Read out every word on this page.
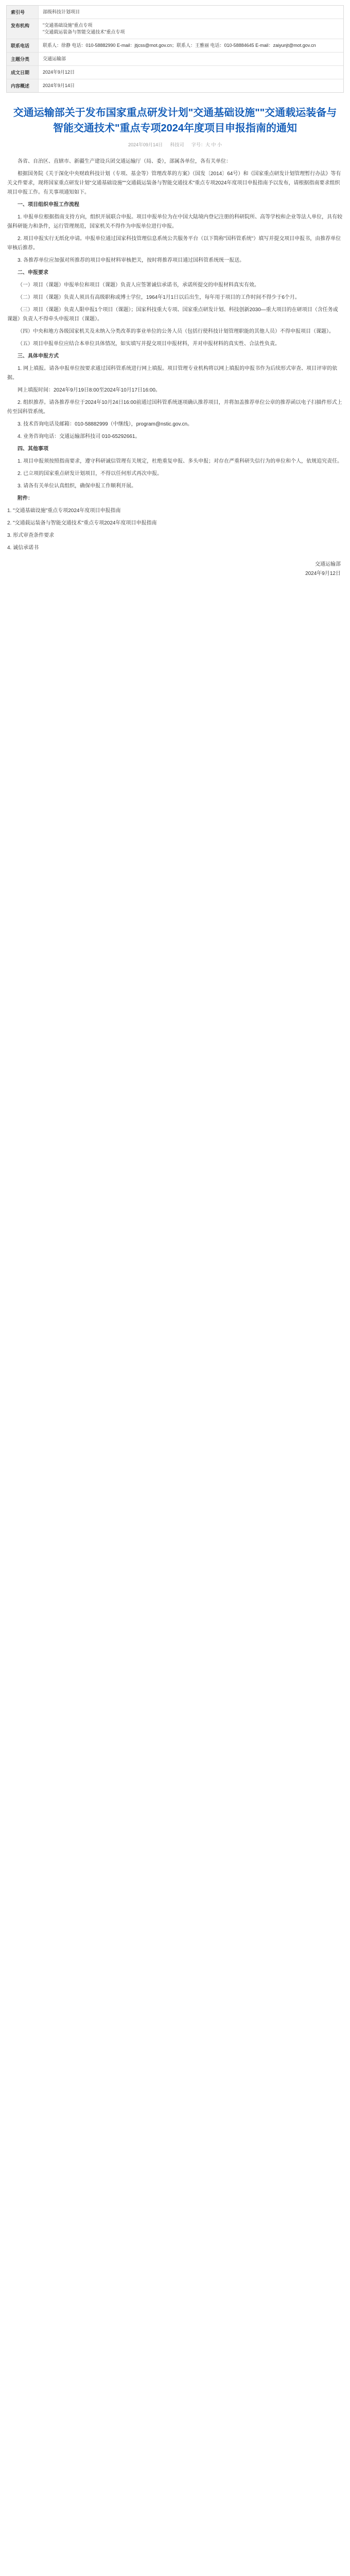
索引号	部级科技计划项目
发布机构	"交通基础设施"重点专项
"交通载运装备与智能交通技术"重点专项
联系电话	联系人：徐静 电话：010-58882990 E-mail：jtjcss@mot.gov.cn；联系人：王雅丽 电话：010-58884645 E-mail：zaiyunjt@mot.gov.cn
主题分类	交通运输部
成文日期	2024年9月12日
内容概述	2024年9月14日
交通运输部关于发布国家重点研发计划"交通基础设施""交通载运装备与智能交通技术"重点专项2024年度项目申报指南的通知
2024年09月14日 科技司 字号：大 中 小

各省、自治区、直辖市、新疆生产建设兵团交通运输厅（局、委），部属各单位，各有关单位：

根据国务院《关于深化中央财政科技计划（专项、基金等）管理改革的方案》（国发〔2014〕64号）和《国家重点研发计划管理暂行办法》等有关文件要求，现将国家重点研发计划"交通基础设施""交通载运装备与智能交通技术"重点专项2024年度项目申报指南予以发布，请根据指南要求组织项目申报工作。有关事项通知如下。

一、项目组织申报工作流程

1. 申报单位根据指南支持方向，组织开展联合申报。项目申报单位为在中国大陆境内登记注册的科研院所、高等学校和企业等法人单位，具有较强科研能力和条件，运行管理规范，国家机关不得作为申报单位进行申报。

2. 项目申报实行无纸化申请。申报单位通过国家科技管理信息系统公共服务平台（以下简称"国科管系统"）填写并提交项目申报书，由推荐单位审核后推荐。

3. 各推荐单位应加强对所推荐的项目申报材料审核把关，按时将推荐项目通过国科管系统统一报送。

二、申报要求

（一）项目（课题）申报单位和项目（课题）负责人应签署诚信承诺书，承诺所提交的申报材料真实有效。

（二）项目（课题）负责人须具有高级职称或博士学位，1964年1月1日以后出生，每年用于项目的工作时间不得少于6个月。

（三）项目（课题）负责人限申报1个项目（课题）；国家科技重大专项、国家重点研发计划、科技创新2030—重大项目的在研项目（含任务或课题）负责人不得牵头申报项目（课题）。

（四）中央和地方各级国家机关及未纳入分类改革的事业单位的公务人员（包括行使科技计划管理职能的其他人员）不得申报项目（课题）。

（五）项目申报单位应结合本单位具体情况，如实填写并提交项目申报材料，并对申报材料的真实性、合法性负责。

三、具体申报方式

1. 网上填报。请各申报单位按要求通过国科管系统进行网上填报。项目管理专业机构将以网上填报的申报书作为后续形式审查、项目评审的依据。

网上填报时间：2024年9月19日8:00至2024年10月17日16:00。

2. 组织推荐。请各推荐单位于2024年10月24日16:00前通过国科管系统逐项确认推荐项目，并将加盖推荐单位公章的推荐函以电子扫描件形式上传至国科管系统。

3. 技术咨询电话及邮箱：010-58882999（中继线），program@nstic.gov.cn。

4. 业务咨询电话：交通运输部科技司 010-65292661。

四、其他事项

1. 项目申报须按照指南要求，遵守科研诚信管理有关规定，杜绝重复申报、多头申报；对存在严重科研失信行为的单位和个人，依规追究责任。

2. 已立项的国家重点研发计划项目，不得以任何形式再次申报。

3. 请各有关单位认真组织，确保申报工作顺利开展。

附件：

1. "交通基础设施"重点专项2024年度项目申报指南

2. "交通载运装备与智能交通技术"重点专项2024年度项目申报指南

3. 形式审查条件要求

4. 诚信承诺书

交通运输部
2024年9月12日
